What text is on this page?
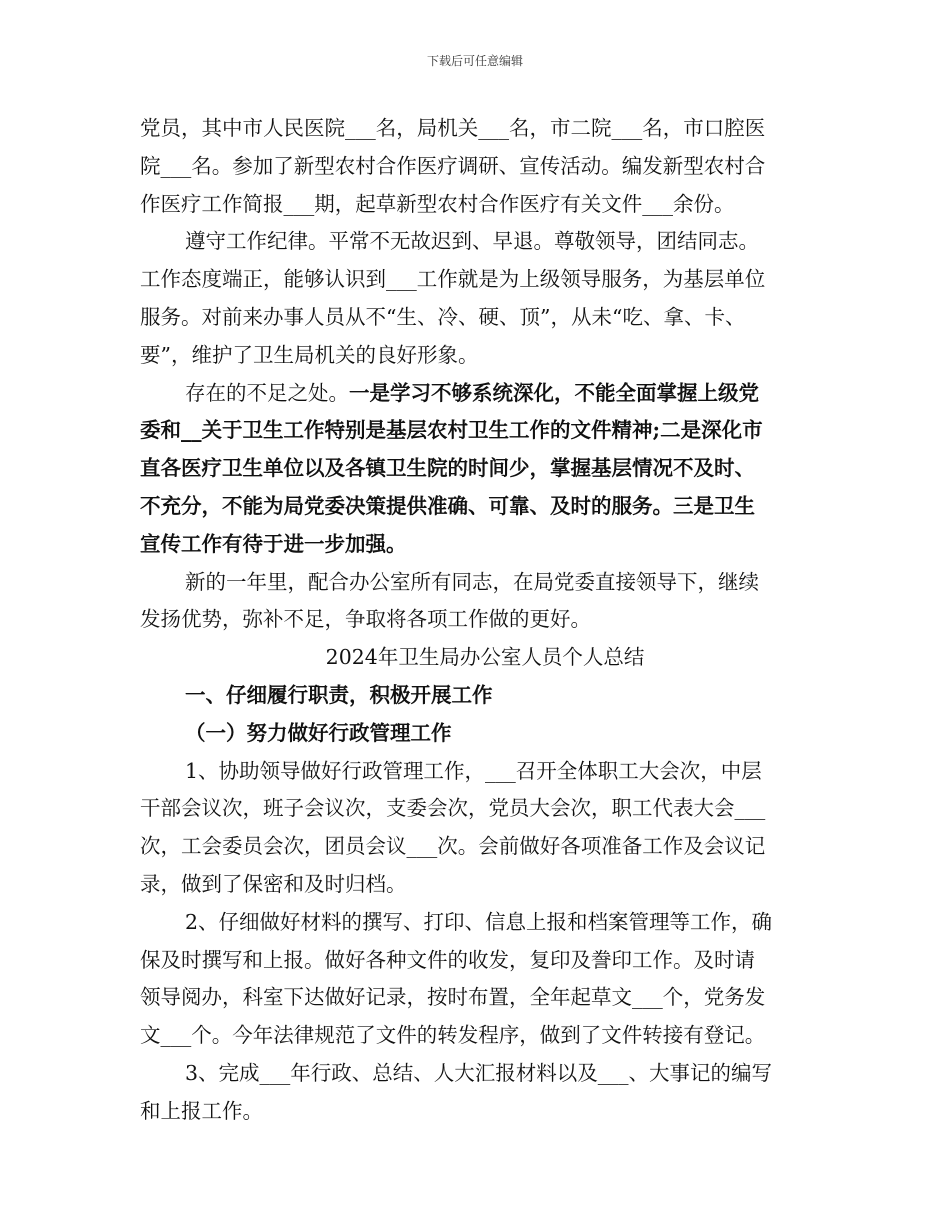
下载后可任意编辑
党员，其中市人民医院___名，局机关___名，市二院___名，市口腔医
院___名。参加了新型农村合作医疗调研、宣传活动。编发新型农村合
作医疗工作简报___期，起草新型农村合作医疗有关文件___余份。
遵守工作纪律。平常不无故迟到、早退。尊敬领导，团结同志。
工作态度端正，能够认识到___工作就是为上级领导服务，为基层单位
服务。对前来办事人员从不“生、冷、硬、顶”，从未“吃、拿、卡、
要”，维护了卫生局机关的良好形象。
存在的不足之处。一是学习不够系统深化，不能全面掌握上级党
委和__关于卫生工作特别是基层农村卫生工作的文件精神;二是深化市
直各医疗卫生单位以及各镇卫生院的时间少，掌握基层情况不及时、
不充分，不能为局党委决策提供准确、可靠、及时的服务。三是卫生
宣传工作有待于进一步加强。
新的一年里，配合办公室所有同志，在局党委直接领导下，继续
发扬优势，弥补不足，争取将各项工作做的更好。
2024年卫生局办公室人员个人总结
一、仔细履行职责，积极开展工作
（一）努力做好行政管理工作
1、协助领导做好行政管理工作，___召开全体职工大会次，中层
干部会议次，班子会议次，支委会次，党员大会次，职工代表大会___
次，工会委员会次，团员会议___次。会前做好各项准备工作及会议记
录，做到了保密和及时归档。
2、仔细做好材料的撰写、打印、信息上报和档案管理等工作，确
保及时撰写和上报。做好各种文件的收发，复印及誊印工作。及时请
领导阅办，科室下达做好记录，按时布置，全年起草文___个，党务发
文___个。今年法律规范了文件的转发程序，做到了文件转接有登记。
3、完成___年行政、总结、人大汇报材料以及___、大事记的编写
和上报工作。
